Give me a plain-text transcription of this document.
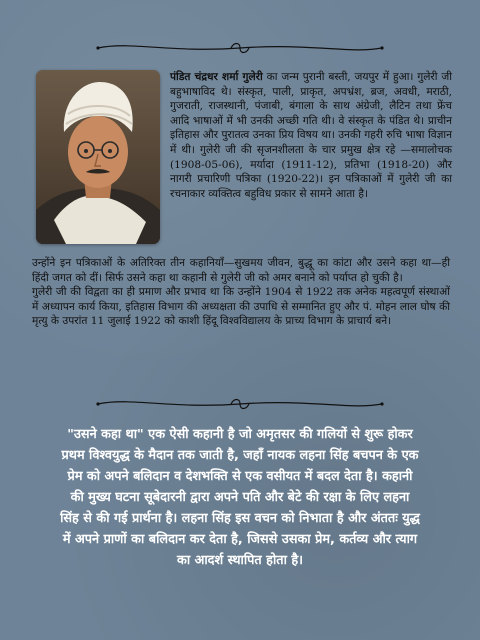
पंडित चंद्रधर शर्मा गुलेरी का जन्म पुरानी बस्ती, जयपुर में हुआ। गुलेरी जी बहुभाषाविद थे। संस्कृत, पाली, प्राकृत, अपभ्रंश, ब्रज, अवधी, मराठी, गुजराती, राजस्थानी, पंजाबी, बंगाला के साथ अंग्रेजी, लैटिन तथा फ्रेंच आदि भाषाओं में भी उनकी अच्छी गति थी। वे संस्कृत के पंडित थे। प्राचीन इतिहास और पुरातत्व उनका प्रिय विषय था। उनकी गहरी रुचि भाषा विज्ञान में थी। गुलेरी जी की सृजनशीलता के चार प्रमुख क्षेत्र रहे —समालोचक (1908-05-06), मर्यादा (1911-12), प्रतिभा (1918-20) और नागरी प्रचारिणी पत्रिका (1920-22)। इन पत्रिकाओं में गुलेरी जी का रचनाकार व्यक्तित्व बहुविध प्रकार से सामने आता है।
उन्होंने इन पत्रिकाओं के अतिरिक्त तीन कहानियाँ—सुखमय जीवन, बुद्धू का कांटा और उसने कहा था—ही हिंदी जगत को दीं। सिर्फ उसने कहा था कहानी से गुलेरी जी को अमर बनाने को पर्याप्त हो चुकी है।
गुलेरी जी की विद्वता का ही प्रमाण और प्रभाव था कि उन्होंने 1904 से 1922 तक अनेक महत्वपूर्ण संस्थाओं में अध्यापन कार्य किया, इतिहास विभाग की अध्यक्षता की उपाधि से सम्मानित हुए और पं. मोहन लाल घोष की मृत्यु के उपरांत 11 जुलाई 1922 को काशी हिंदू विश्वविद्यालय के प्राच्य विभाग के प्राचार्य बने।
"उसने कहा था" एक ऐसी कहानी है जो अमृतसर की गलियों से शुरू होकर प्रथम विश्वयुद्ध के मैदान तक जाती है, जहाँ नायक लहना सिंह बचपन के एक प्रेम को अपने बलिदान व देशभक्ति से एक वसीयत में बदल देता है। कहानी की मुख्य घटना सूबेदारनी द्वारा अपने पति और बेटे की रक्षा के लिए लहना सिंह से की गई प्रार्थना है। लहना सिंह इस वचन को निभाता है और अंततः युद्ध में अपने प्राणों का बलिदान कर देता है, जिससे उसका प्रेम, कर्तव्य और त्याग का आदर्श स्थापित होता है।
